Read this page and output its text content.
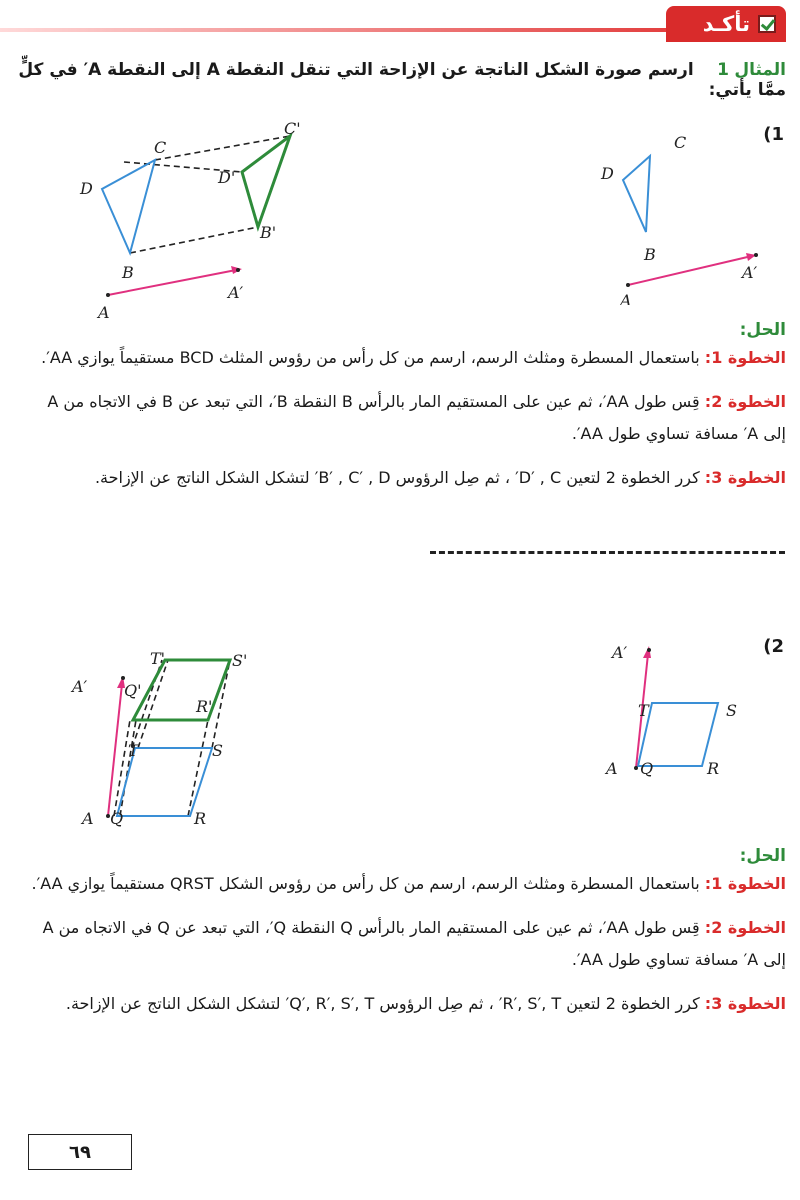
تأكـد
المثال 1 ارسم صورة الشكل الناتجة عن الإزاحة التي تنقل النقطة A إلى النقطة A′ في كلٍّ ممَّا يأتي:
(1
C
D
B
A
A′
C
D
B
A
A′
C'
D'
B'
الحل:
الخطوة 1: باستعمال المسطرة ومثلث الرسم، ارسم من كل رأس من رؤوس المثلث BCD مستقيماً يوازي AA′.
الخطوة 2: قِس طول AA′، ثم عين على المستقيم المار بالرأس B النقطة B′، التي تبعد عن B في الاتجاه من A
إلى A′ مسافة تساوي طول AA′.
الخطوة 3: كرر الخطوة 2 لتعين D′ , C′ ، ثم صِل الرؤوس B′ , C′ , D′ لتشكل الشكل الناتج عن الإزاحة.
(2
A′
T	S
A Q	R
T'	S'
A′ Q'
R'
T	S
A Q	R
الحل:
الخطوة 1: باستعمال المسطرة ومثلث الرسم، ارسم من كل رأس من رؤوس الشكل QRST مستقيماً يوازي AA′.
الخطوة 2: قِس طول AA′، ثم عين على المستقيم المار بالرأس Q النقطة Q′، التي تبعد عن Q في الاتجاه من A
إلى A′ مسافة تساوي طول AA′.
الخطوة 3: كرر الخطوة 2 لتعين R′, S′, T′ ، ثم صِل الرؤوس Q′, R′, S′, T′ لتشكل الشكل الناتج عن الإزاحة.
٦٩
